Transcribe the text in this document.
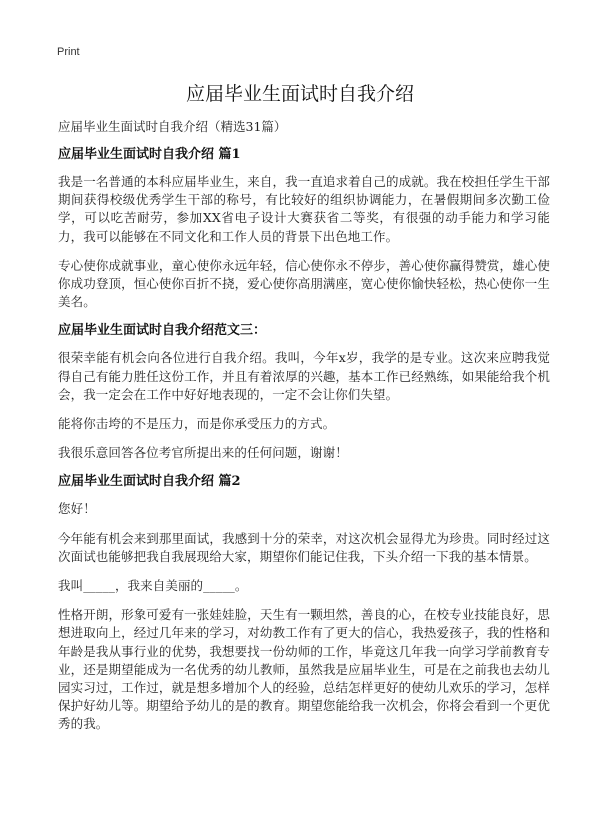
Print
应届毕业生面试时自我介绍

应届毕业生面试时自我介绍（精选31篇）

应届毕业生面试时自我介绍 篇1

我是一名普通的本科应届毕业生，来自，我一直追求着自己的成就。我在校担任学生干部期间获得校级优秀学生干部的称号，有比较好的组织协调能力，在暑假期间多次勤工俭学，可以吃苦耐劳，参加XX省电子设计大赛获省二等奖，有很强的动手能力和学习能力，我可以能够在不同文化和工作人员的背景下出色地工作。

专心使你成就事业，童心使你永远年轻，信心使你永不停步，善心使你赢得赞赏，雄心使你成功登顶，恒心使你百折不挠，爱心使你高朋满座，宽心使你愉快轻松，热心使你一生美名。

应届毕业生面试时自我介绍范文三：

很荣幸能有机会向各位进行自我介绍。我叫，今年x岁，我学的是专业。这次来应聘我觉得自己有能力胜任这份工作，并且有着浓厚的兴趣，基本工作已经熟练，如果能给我个机会，我一定会在工作中好好地表现的，一定不会让你们失望。

能将你击垮的不是压力，而是你承受压力的方式。

我很乐意回答各位考官所提出来的任何问题，谢谢！

应届毕业生面试时自我介绍 篇2

您好！

今年能有机会来到那里面试，我感到十分的荣幸，对这次机会显得尤为珍贵。同时经过这次面试也能够把我自我展现给大家，期望你们能记住我，下头介绍一下我的基本情景。

我叫_____，我来自美丽的_____。

性格开朗，形象可爱有一张娃娃脸，天生有一颗坦然，善良的心，在校专业技能良好，思想进取向上，经过几年来的学习，对幼教工作有了更大的信心，我热爱孩子，我的性格和年龄是我从事行业的优势，我想要找一份幼师的工作，毕竟这几年我一向学习学前教育专业，还是期望能成为一名优秀的幼儿教师，虽然我是应届毕业生，可是在之前我也去幼儿园实习过，工作过，就是想多增加个人的经验，总结怎样更好的使幼儿欢乐的学习，怎样保护好幼儿等。期望给予幼儿的是的教育。期望您能给我一次机会，你将会看到一个更优秀的我。
